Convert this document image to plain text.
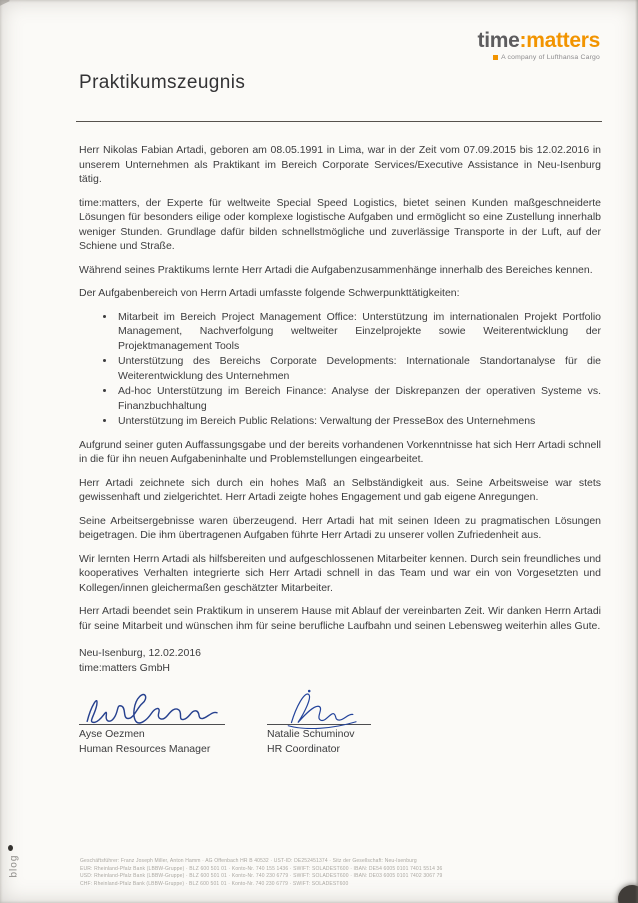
time:matters
A company of Lufthansa Cargo
Praktikumszeugnis

Herr Nikolas Fabian Artadi, geboren am 08.05.1991 in Lima, war in der Zeit vom 07.09.2015 bis 12.02.2016 in unserem Unternehmen als Praktikant im Bereich Corporate Services/Executive Assistance in Neu-Isenburg tätig.

time:matters, der Experte für weltweite Special Speed Logistics, bietet seinen Kunden maßgeschneiderte Lösungen für besonders eilige oder komplexe logistische Aufgaben und ermöglicht so eine Zustellung innerhalb weniger Stunden. Grundlage dafür bilden schnellstmögliche und zuverlässige Transporte in der Luft, auf der Schiene und Straße.

Während seines Praktikums lernte Herr Artadi die Aufgabenzusammenhänge innerhalb des Bereiches kennen.

Der Aufgabenbereich von Herrn Artadi umfasste folgende Schwerpunkttätigkeiten:

• Mitarbeit im Bereich Project Management Office: Unterstützung im internationalen Projekt Portfolio Management, Nachverfolgung weltweiter Einzelprojekte sowie Weiterentwicklung der Projektmanagement Tools
• Unterstützung des Bereichs Corporate Developments: Internationale Standortanalyse für die Weiterentwicklung des Unternehmen
• Ad-hoc Unterstützung im Bereich Finance: Analyse der Diskrepanzen der operativen Systeme vs. Finanzbuchhaltung
• Unterstützung im Bereich Public Relations: Verwaltung der PresseBox des Unternehmens

Aufgrund seiner guten Auffassungsgabe und der bereits vorhandenen Vorkenntnisse hat sich Herr Artadi schnell in die für ihn neuen Aufgabeninhalte und Problemstellungen eingearbeitet.

Herr Artadi zeichnete sich durch ein hohes Maß an Selbständigkeit aus. Seine Arbeitsweise war stets gewissenhaft und zielgerichtet. Herr Artadi zeigte hohes Engagement und gab eigene Anregungen.

Seine Arbeitsergebnisse waren überzeugend. Herr Artadi hat mit seinen Ideen zu pragmatischen Lösungen beigetragen. Die ihm übertragenen Aufgaben führte Herr Artadi zu unserer vollen Zufriedenheit aus.

Wir lernten Herrn Artadi als hilfsbereiten und aufgeschlossenen Mitarbeiter kennen. Durch sein freundliches und kooperatives Verhalten integrierte sich Herr Artadi schnell in das Team und war ein von Vorgesetzten und Kollegen/innen gleichermaßen geschätzter Mitarbeiter.

Herr Artadi beendet sein Praktikum in unserem Hause mit Ablauf der vereinbarten Zeit. Wir danken Herrn Artadi für seine Mitarbeit und wünschen ihm für seine berufliche Laufbahn und seinen Lebensweg weiterhin alles Gute.

Neu-Isenburg, 12.02.2016
time:matters GmbH
Ayse Oezmen
Human Resources Manager
Natalie Schuminov
HR Coordinator
Geschäftsführer: Franz Joseph Miller, Anton Hamm · AG Offenbach HR B 40532 · UST-ID: DE252451374 · Sitz der Gesellschaft: Neu-Isenburg
EUR: Rheinland-Pfalz Bank (LBBW-Gruppe) · BLZ 600 501 01 · Konto-Nr. 740 155 1436 · SWIFT: SOLADEST600 · IBAN: DE54 6005 0101 7401 5514 36
USD: Rheinland-Pfalz Bank (LBBW-Gruppe) · BLZ 600 501 01 · Konto-Nr. 740 230 6779 · SWIFT: SOLADEST600 · IBAN: DE03 6005 0101 7402 3067 79
CHF: Rheinland-Pfalz Bank (LBBW-Gruppe) · BLZ 600 501 01 · Konto-Nr. 740 230 6779 · SWIFT: SOLADEST600
blog
